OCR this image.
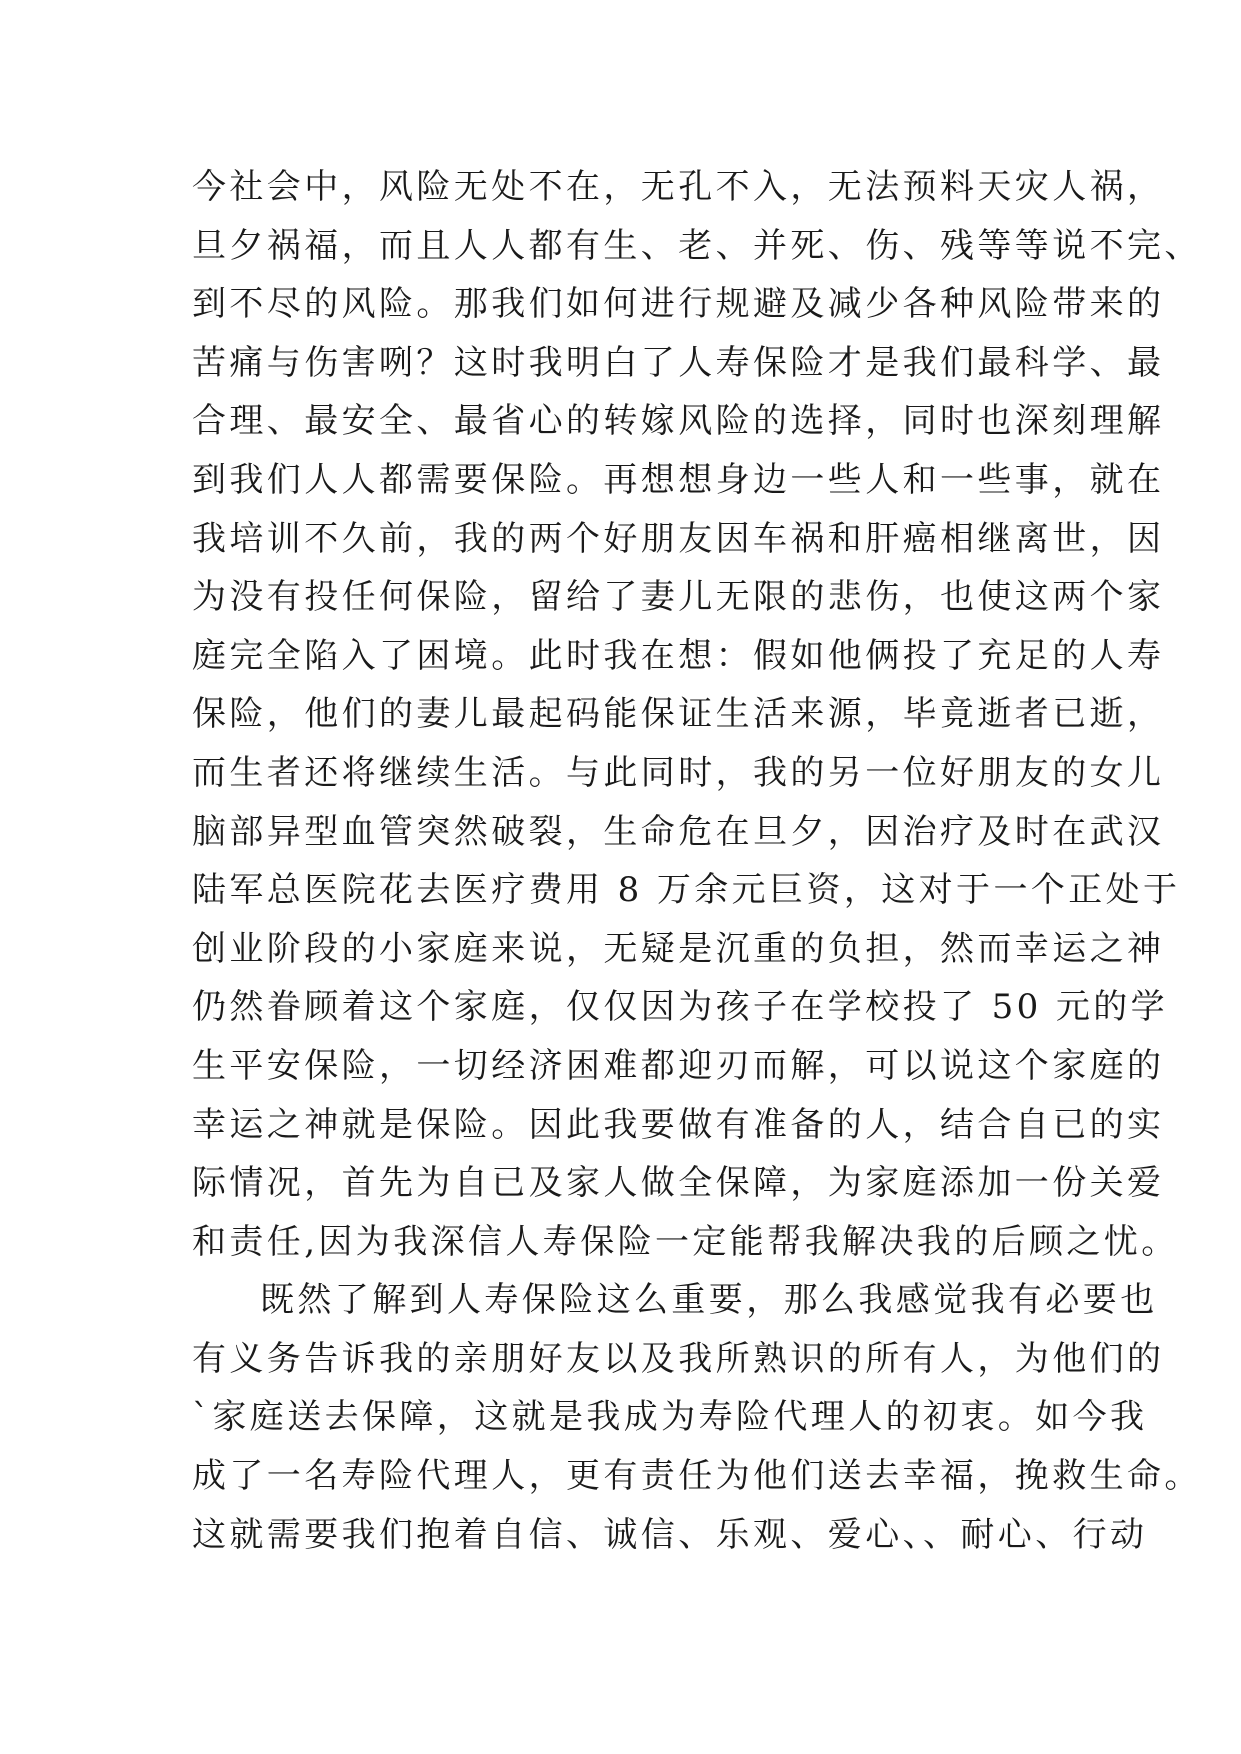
今社会中，风险无处不在，无孔不入，无法预料天灾人祸，
旦夕祸福，而且人人都有生、老、并死、伤、残等等说不完、
到不尽的风险。那我们如何进行规避及减少各种风险带来的
苦痛与伤害咧？这时我明白了人寿保险才是我们最科学、最
合理、最安全、最省心的转嫁风险的选择，同时也深刻理解
到我们人人都需要保险。再想想身边一些人和一些事，就在
我培训不久前，我的两个好朋友因车祸和肝癌相继离世，因
为没有投任何保险，留给了妻儿无限的悲伤，也使这两个家
庭完全陷入了困境。此时我在想：假如他俩投了充足的人寿
保险，他们的妻儿最起码能保证生活来源，毕竟逝者已逝，
而生者还将继续生活。与此同时，我的另一位好朋友的女儿
脑部异型血管突然破裂，生命危在旦夕，因治疗及时在武汉
陆军总医院花去医疗费用 8 万余元巨资，这对于一个正处于
创业阶段的小家庭来说，无疑是沉重的负担，然而幸运之神
仍然眷顾着这个家庭，仅仅因为孩子在学校投了 50 元的学
生平安保险，一切经济困难都迎刃而解，可以说这个家庭的
幸运之神就是保险。因此我要做有准备的人，结合自已的实
际情况，首先为自已及家人做全保障，为家庭添加一份关爱
和责任,因为我深信人寿保险一定能帮我解决我的后顾之忧。
既然了解到人寿保险这么重要，那么我感觉我有必要也
有义务告诉我的亲朋好友以及我所熟识的所有人，为他们的
`家庭送去保障，这就是我成为寿险代理人的初衷。如今我
成了一名寿险代理人，更有责任为他们送去幸福，挽救生命。
这就需要我们抱着自信、诚信、乐观、爱心、、耐心、行动
